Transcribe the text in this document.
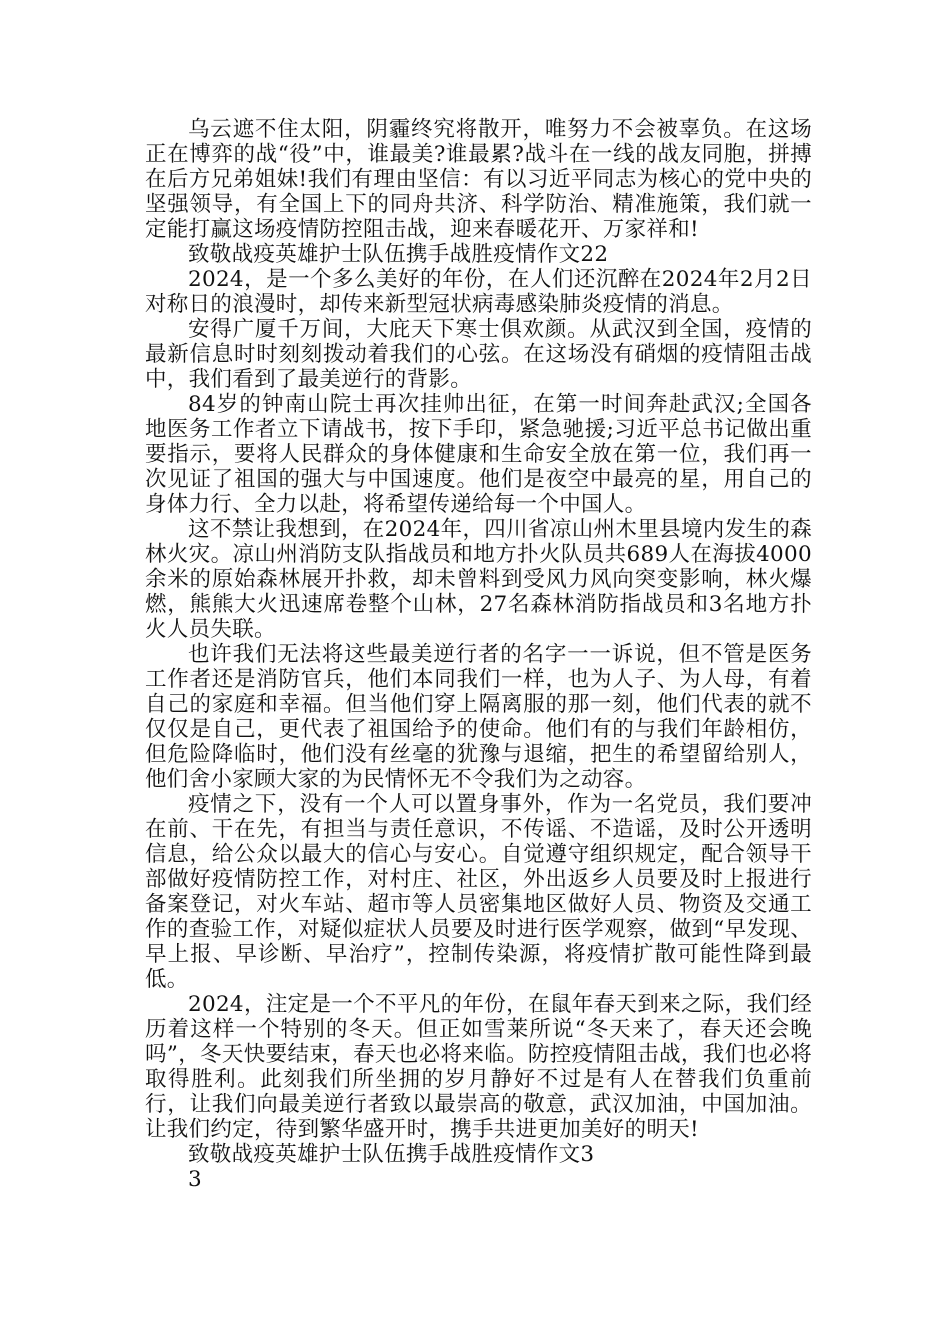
乌云遮不住太阳，阴霾终究将散开，唯努力不会被辜负。在这场正在博弈的战“役”中，谁最美?谁最累?战斗在一线的战友同胞，拼搏在后方兄弟姐妹!我们有理由坚信：有以习近平同志为核心的党中央的坚强领导，有全国上下的同舟共济、科学防治、精准施策，我们就一定能打赢这场疫情防控阻击战，迎来春暖花开、万家祥和!

致敬战疫英雄护士队伍携手战胜疫情作文22

2024，是一个多么美好的年份，在人们还沉醉在2024年2月2日对称日的浪漫时，却传来新型冠状病毒感染肺炎疫情的消息。

安得广厦千万间，大庇天下寒士俱欢颜。从武汉到全国，疫情的最新信息时时刻刻拨动着我们的心弦。在这场没有硝烟的疫情阻击战中，我们看到了最美逆行的背影。

84岁的钟南山院士再次挂帅出征，在第一时间奔赴武汉;全国各地医务工作者立下请战书，按下手印，紧急驰援;习近平总书记做出重要指示，要将人民群众的身体健康和生命安全放在第一位，我们再一次见证了祖国的强大与中国速度。他们是夜空中最亮的星，用自己的身体力行、全力以赴，将希望传递给每一个中国人。

这不禁让我想到，在2024年，四川省凉山州木里县境内发生的森林火灾。凉山州消防支队指战员和地方扑火队员共689人在海拔4000余米的原始森林展开扑救，却未曾料到受风力风向突变影响，林火爆燃，熊熊大火迅速席卷整个山林，27名森林消防指战员和3名地方扑火人员失联。

也许我们无法将这些最美逆行者的名字一一诉说，但不管是医务工作者还是消防官兵，他们本同我们一样，也为人子、为人母，有着自己的家庭和幸福。但当他们穿上隔离服的那一刻，他们代表的就不仅仅是自己，更代表了祖国给予的使命。他们有的与我们年龄相仿，但危险降临时，他们没有丝毫的犹豫与退缩，把生的希望留给别人，他们舍小家顾大家的为民情怀无不令我们为之动容。

疫情之下，没有一个人可以置身事外，作为一名党员，我们要冲在前、干在先，有担当与责任意识，不传谣、不造谣，及时公开透明信息，给公众以最大的信心与安心。自觉遵守组织规定，配合领导干部做好疫情防控工作，对村庄、社区，外出返乡人员要及时上报进行备案登记，对火车站、超市等人员密集地区做好人员、物资及交通工作的查验工作，对疑似症状人员要及时进行医学观察，做到“早发现、早上报、早诊断、早治疗”，控制传染源，将疫情扩散可能性降到最低。

2024，注定是一个不平凡的年份，在鼠年春天到来之际，我们经历着这样一个特别的冬天。但正如雪莱所说“冬天来了，春天还会晚吗”，冬天快要结束，春天也必将来临。防控疫情阻击战，我们也必将取得胜利。此刻我们所坐拥的岁月静好不过是有人在替我们负重前行，让我们向最美逆行者致以最崇高的敬意，武汉加油，中国加油。让我们约定，待到繁华盛开时，携手共进更加美好的明天!

致敬战疫英雄护士队伍携手战胜疫情作文3

3
